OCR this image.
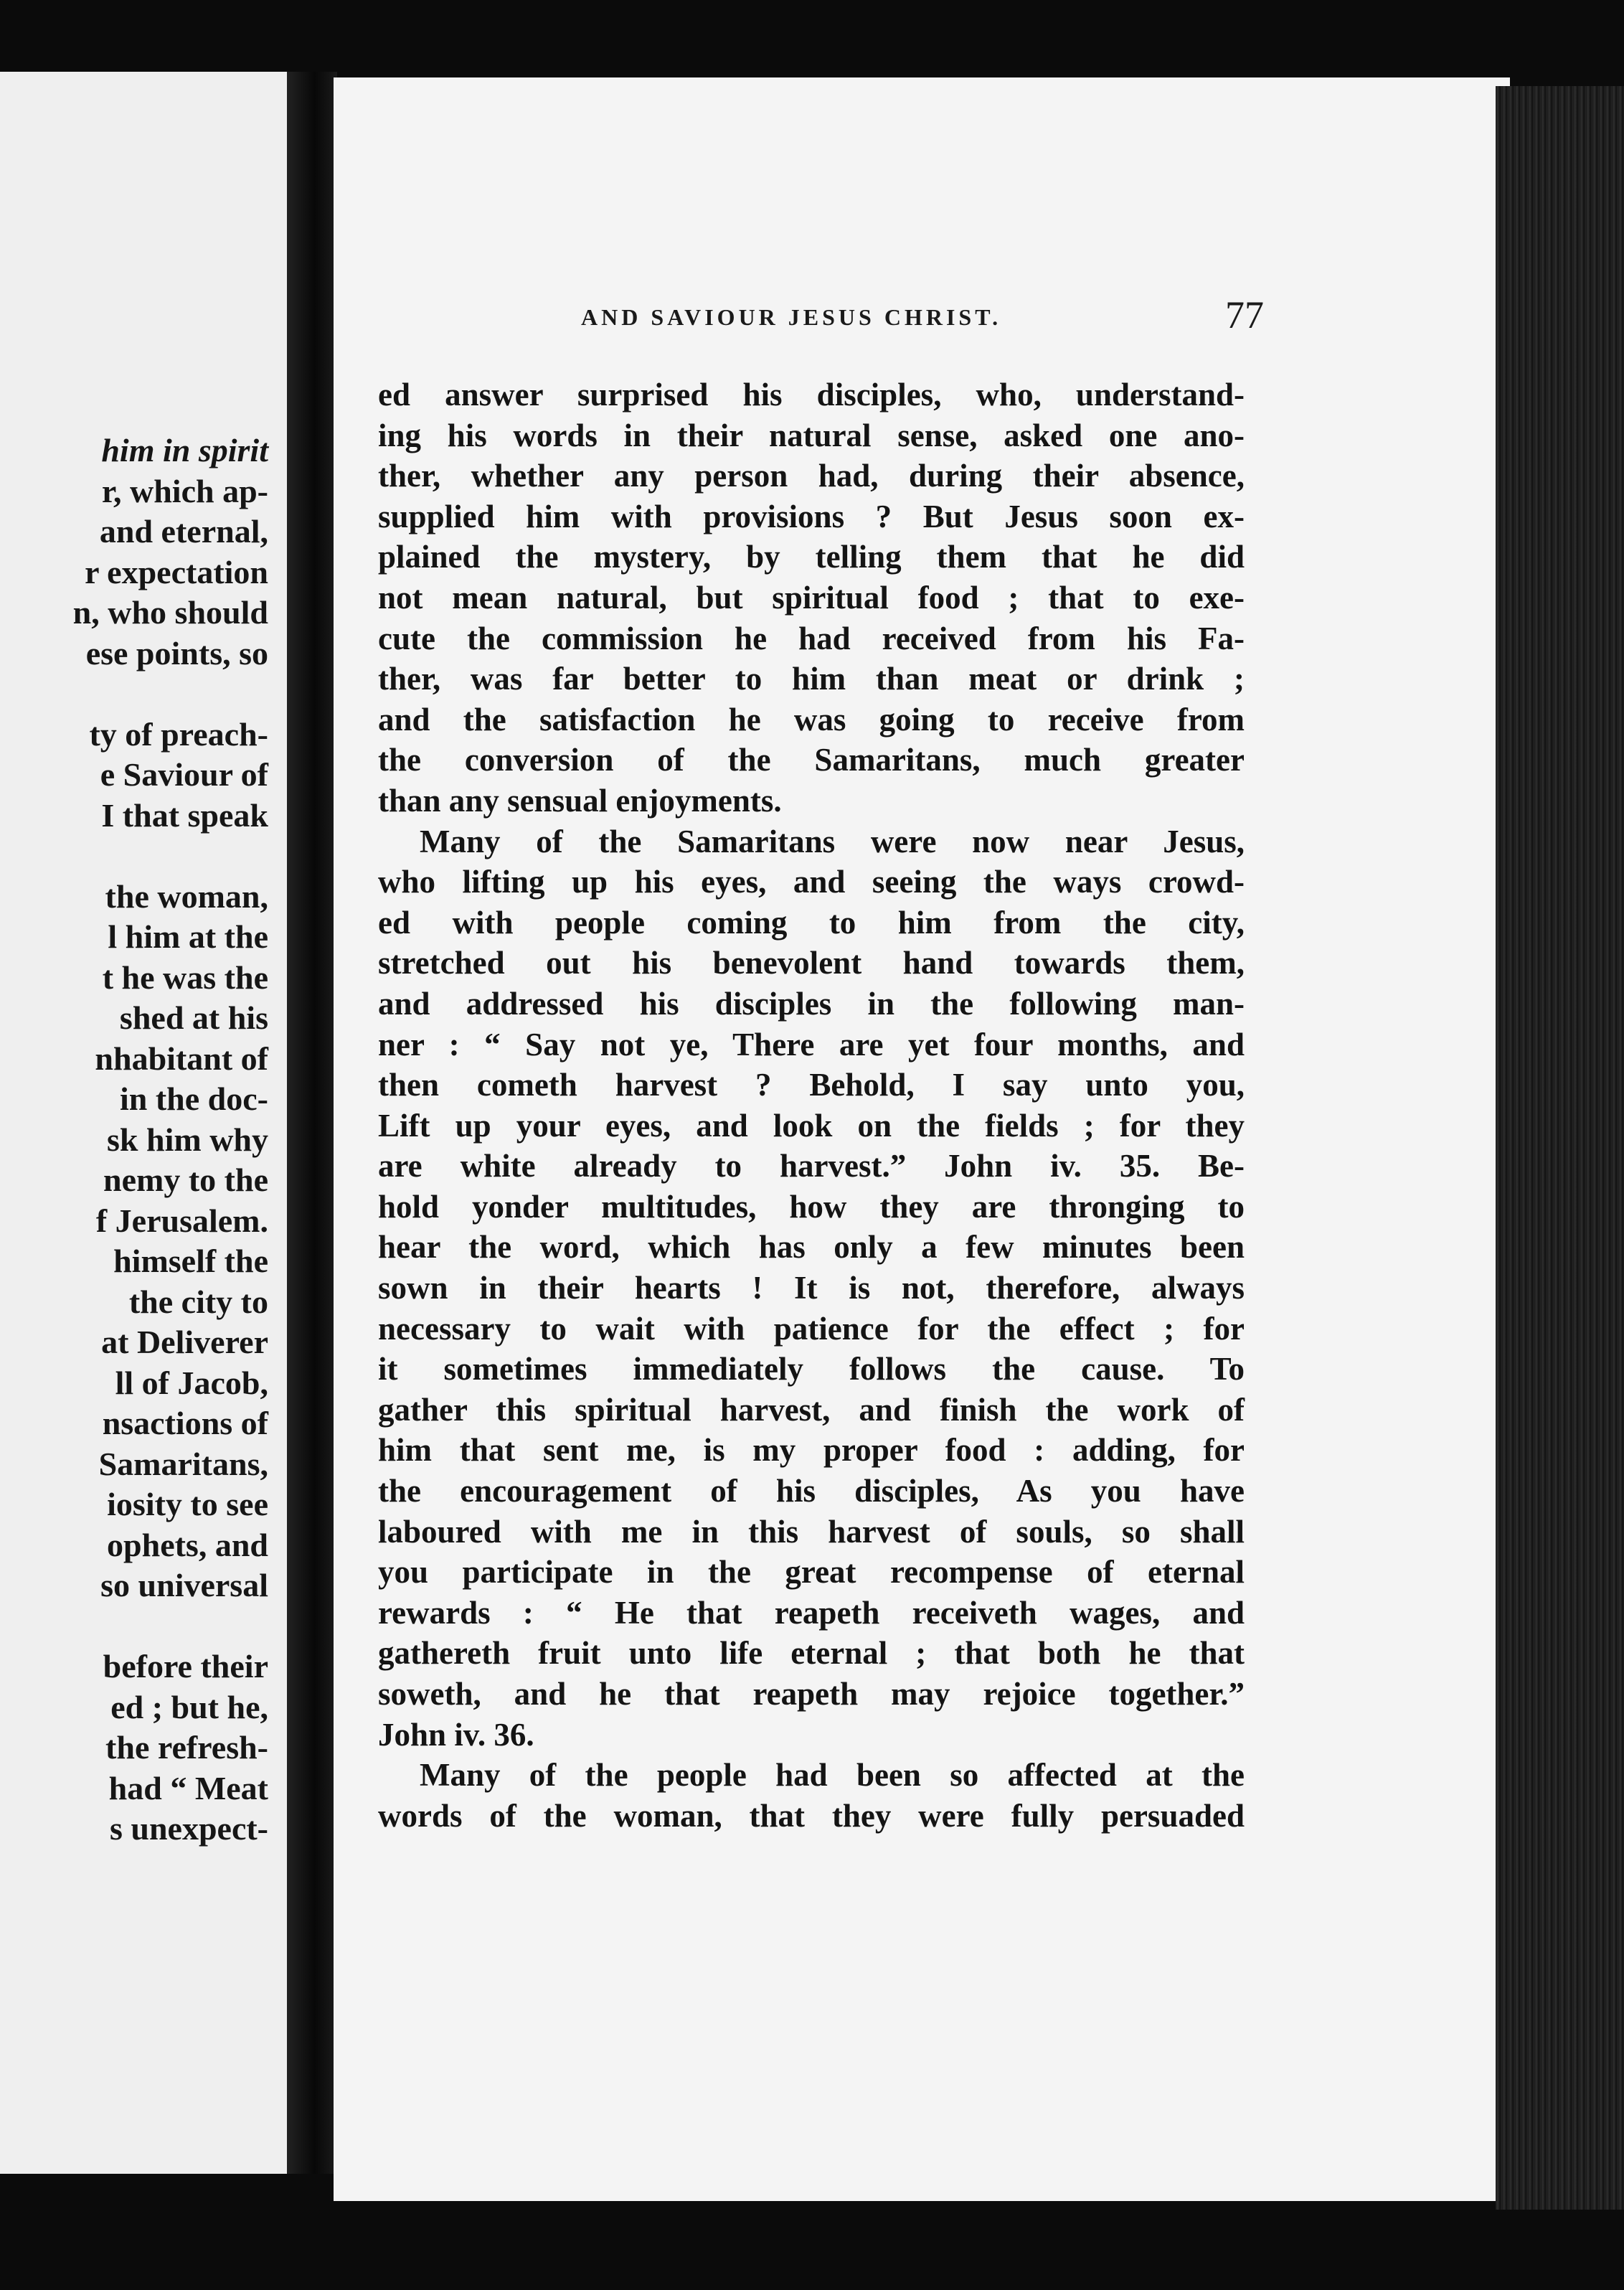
him in spirit
r, which ap-
and eternal,
r expectation
n, who should
ese points, so
ty of preach-
e Saviour of
I that speak
the woman,
l him at the
t he was the
shed at his
nhabitant of
in the doc-
sk him why
nemy to the
f Jerusalem.
himself the
the city to
at Deliverer
ll of Jacob,
nsactions of
Samaritans,
iosity to see
ophets, and
so universal
before their
ed ; but he,
the refresh-
had “ Meat
s unexpect-
AND SAVIOUR JESUS CHRIST.	77
ed answer surprised his disciples, who, understand-
ing his words in their natural sense, asked one ano-
ther, whether any person had, during their absence,
supplied him with provisions ? But Jesus soon ex-
plained the mystery, by telling them that he did
not mean natural, but spiritual food ; that to exe-
cute the commission he had received from his Fa-
ther, was far better to him than meat or drink ;
and the satisfaction he was going to receive from
the conversion of the Samaritans, much greater
than any sensual enjoyments.
Many of the Samaritans were now near Jesus,
who lifting up his eyes, and seeing the ways crowd-
ed with people coming to him from the city,
stretched out his benevolent hand towards them,
and addressed his disciples in the following man-
ner : “ Say not ye, There are yet four months, and
then cometh harvest ? Behold, I say unto you,
Lift up your eyes, and look on the fields ; for they
are white already to harvest.” John iv. 35. Be-
hold yonder multitudes, how they are thronging to
hear the word, which has only a few minutes been
sown in their hearts ! It is not, therefore, always
necessary to wait with patience for the effect ; for
it sometimes immediately follows the cause. To
gather this spiritual harvest, and finish the work of
him that sent me, is my proper food : adding, for
the encouragement of his disciples, As you have
laboured with me in this harvest of souls, so shall
you participate in the great recompense of eternal
rewards : “ He that reapeth receiveth wages, and
gathereth fruit unto life eternal ; that both he that
soweth, and he that reapeth may rejoice together.”
John iv. 36.
Many of the people had been so affected at the
words of the woman, that they were fully persuaded
